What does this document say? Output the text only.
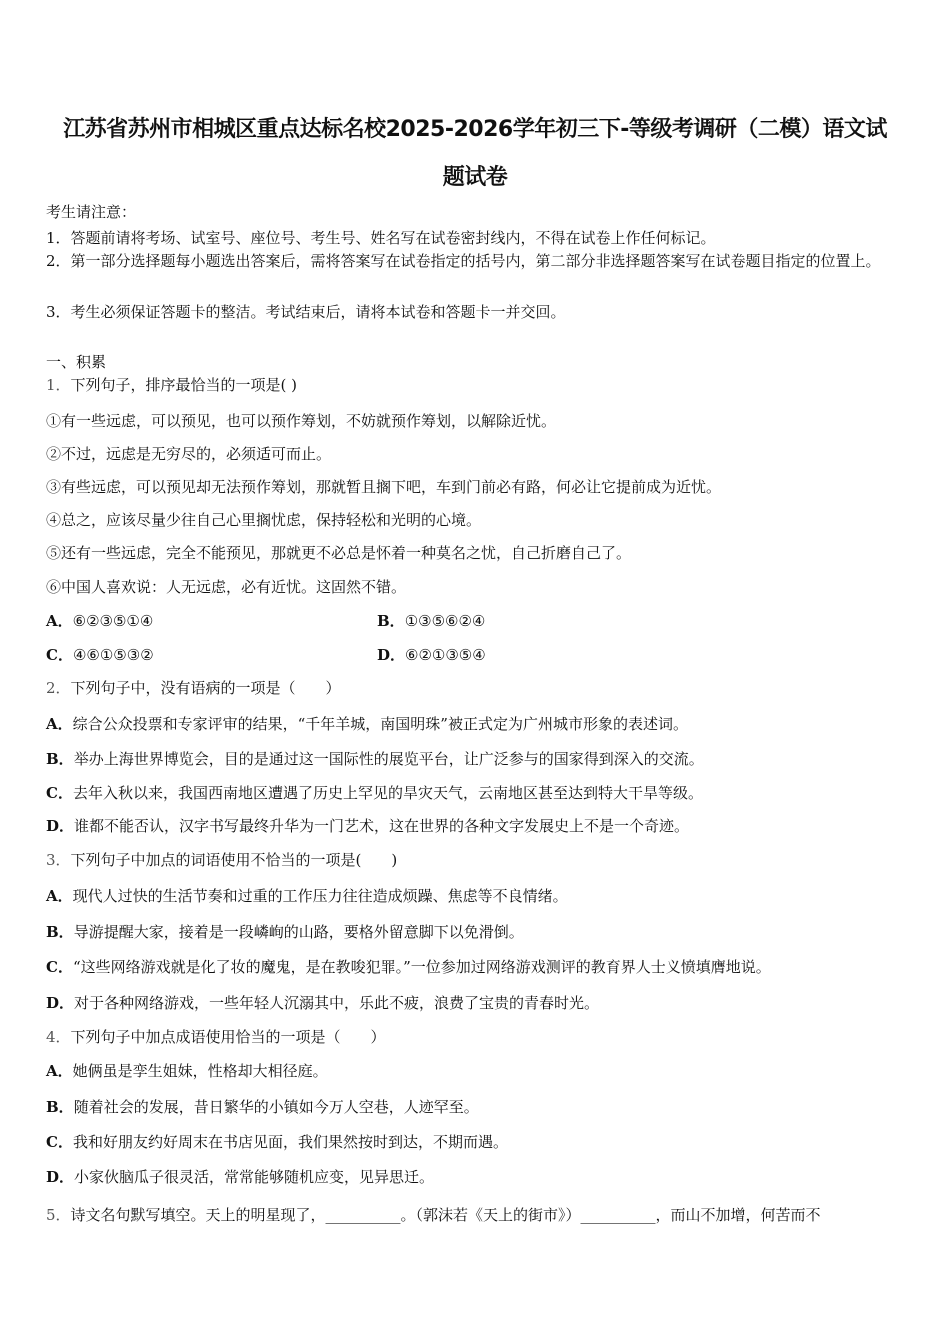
江苏省苏州市相城区重点达标名校2025-2026学年初三下-等级考调研（二模）语文试
题试卷
考生请注意：
1．答题前请将考场、试室号、座位号、考生号、姓名写在试卷密封线内，不得在试卷上作任何标记。
2．第一部分选择题每小题选出答案后，需将答案写在试卷指定的括号内，第二部分非选择题答案写在试卷题目指定的位置上。
3．考生必须保证答题卡的整洁。考试结束后，请将本试卷和答题卡一并交回。
一、积累
1．下列句子，排序最恰当的一项是( )
①有一些远虑，可以预见，也可以预作筹划，不妨就预作筹划，以解除近忧。
②不过，远虑是无穷尽的，必须适可而止。
③有些远虑，可以预见却无法预作筹划，那就暂且搁下吧，车到门前必有路，何必让它提前成为近忧。
④总之，应该尽量少往自己心里搁忧虑，保持轻松和光明的心境。
⑤还有一些远虑，完全不能预见，那就更不必总是怀着一种莫名之忧，自己折磨自己了。
⑥中国人喜欢说：人无远虑，必有近忧。这固然不错。
A．⑥②③⑤①④	B．①③⑤⑥②④
C．④⑥①⑤③②	D．⑥②①③⑤④
2．下列句子中，没有语病的一项是（　　）
A．综合公众投票和专家评审的结果，“千年羊城，南国明珠”被正式定为广州城市形象的表述词。
B．举办上海世界博览会，目的是通过这一国际性的展览平台，让广泛参与的国家得到深入的交流。
C．去年入秋以来，我国西南地区遭遇了历史上罕见的旱灾天气，云南地区甚至达到特大干旱等级。
D．谁都不能否认，汉字书写最终升华为一门艺术，这在世界的各种文字发展史上不是一个奇迹。
3．下列句子中加点的词语使用不恰当的一项是(　　)
A．现代人过快的生活节奏和过重的工作压力往往造成烦躁、焦虑等不良情绪。
B．导游提醒大家，接着是一段嶙峋的山路，要格外留意脚下以免滑倒。
C．“这些网络游戏就是化了妆的魔鬼，是在教唆犯罪。”一位参加过网络游戏测评的教育界人士义愤填膺地说。
D．对于各种网络游戏，一些年轻人沉溺其中，乐此不疲，浪费了宝贵的青春时光。
4．下列句子中加点成语使用恰当的一项是（　　）
A．她俩虽是孪生姐妹，性格却大相径庭。
B．随着社会的发展，昔日繁华的小镇如今万人空巷，人迹罕至。
C．我和好朋友约好周末在书店见面，我们果然按时到达，不期而遇。
D．小家伙脑瓜子很灵活，常常能够随机应变，见异思迁。
5．诗文名句默写填空。天上的明星现了，__________。（郭沫若《天上的街市》）__________，而山不加增，何苦而不
